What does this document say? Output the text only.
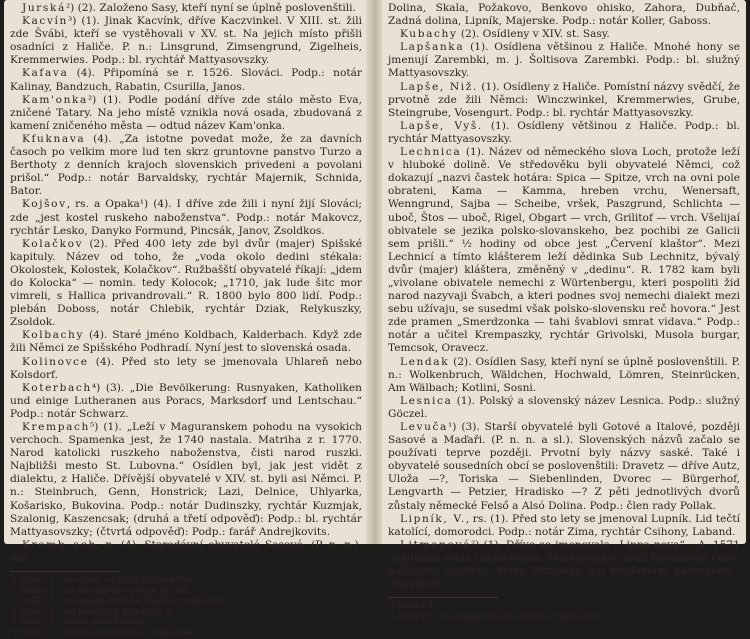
Jurská²) (2). Založeno Sasy, kteří nyní se úplně poslovenštili.

Kacvín³) (1). Jinak Kacvínk, dříve Kaczvinkel. V XIII. st. žili zde Švábi, kteří se vystěhovali v XV. st. Na jejich místo přišli osadníci z Haliče. P. n.: Linsgrund, Zimsengrund, Zigelheis, Kremmerwies. Podp.: bl. rychtář Mattyasovszky.

Kafava (4). Připomíná se r. 1526. Slováci. Podp.: notár Kalinay, Bandzuch, Rabatin, Csurilla, Janos.

Kam'onka²) (1). Podle podání dříve zde stálo město Eva, zničené Tatary. Na jeho místě vznikla nová osada, zbudovaná z kamení zničeného města — odtud název Kam'onka.

Kfuknava (4). „Za istotne povedat može, že za davních časoch po velkim more lud ten skrz gruntovne panstvo Turzo a Berthoty z denních krajoch slovenskich privedeni a povolani prišol.“ Podp.: notár Barvaldsky, rychtár Majernik, Schnida, Bator.

Kojšov, rs. a Opaka¹) (4). I dříve zde žili i nyní žijí Slováci; zde „jest kostel ruskeho naboženstva“. Podp.: notár Makovcz, rychtár Lesko, Danyko Formund, Pincsák, Janov, Zsoldkos.

Kolačkov (2). Před 400 lety zde byl dvůr (majer) Spišské kapituly. Název od toho, že „voda okolo dedini stékala: Okolostek, Kolostek, Kolačkov“. Ružbašští obyvatelé říkají: „jdem do Kolocka“ — nomin. tedy Kolocok; „1710, jak lude šitc mor vimreli, s Hallica privandrovali.“ R. 1800 bylo 800 lidí. Podp.: plebán Doboss, notár Chlebik, rychtár Dziak, Relykuszky, Zsoldok.

Kolbachy (4). Staré jméno Koldbach, Kalderbach. Když zde žili Němci ze Spišského Podhradí. Nyní jest to slovenská osada.

Kolinovce (4). Před sto lety se jmenovala Uhlareň nebo Kolsdorf.

Koterbach⁴) (3). „Die Bevölkerung: Rusnyaken, Katholiken und einige Lutheranen aus Poracs, Marksdorf und Lentschau.“ Podp.: notár Schwarz.

Krempach⁵) (1). „Leží v Maguranskem pohodu na vysokich verchoch. Spamenka jest, že 1740 nastala. Matriha z r. 1770. Narod katolicki ruszkeho naboženstva, čisti narod ruszki. Najbližši mesto St. Lubovna.“ Osídlen byl, jak jest vidět z dialektu, z Haliče. Dřívější obyvatelé v XIV. st. byli asi Němci. P. n.: Steinbruch, Genn, Honstrick; Lazi, Delnice, Uhlyarka, Košarisko, Bukovina. Podp.: notár Dudinszky, rychtár Kuzmjak, Szalonig, Kaszencsak; (druhá a třetí odpověď): Podp.: bl. rychtár Mattyasovszky; (čtvrtá odpověď): Podp.: farář Andrejkovits.

Kromb ach, n. (4). Starodávní obyvatelé Sasové. (P. n. n.), ale:

¹) Není v L.: na sever od obce Krížová Ves.

²) Není v L.: na jihozápad od obce Sv. Vis.

³) Není v L.: na západ od obce Oráňny; ruská obec.

⁴) Není v L.: na hranicích Abaújské st.

⁵) Není v L.: vedle obce Porače.

⁶) Není v L.: vedle obce Sulina; ruská obec.

Dolina, Skala, Požakovo, Benkovo ohisko, Zahora, Dubňač, Zadná dolina, Lipník, Majerske. Podp.: notár Koller, Gaboss.

Kubachy (2). Osídleny v XIV. st. Sasy.

Lapšanka (1). Osídlena většinou z Haliče. Mnohé hony se jmenují Zarembki, m. j. Šoltisova Zarembki. Podp.: bl. služný Mattyasovszky.

Lapše, Niž. (1). Osídleny z Haliče. Pomístní názvy svědčí, že prvotně zde žili Němci: Winczwinkel, Kremmerwies, Grube, Steingrube, Vosengurt. Podp.: bl. rychtár Mattyasovszky.

Lapše, Vyš. (1). Osídleny většinou z Haliče. Podp.: bl. rychtár Mattyasovszky.

Lechnica (1). Název od německého slova Loch, protože leží v hluboké dolině. Ve středověku byli obyvatelé Němci, což dokazují „nazvi častek hotára: Spica — Spitze, vrch na ovni pole obrateni, Kama — Kamma, hreben vrchu, Wenersaft, Wenngrund, Sajba — Scheibe, vršek, Paszgrund, Schlichta — uboč, Štos — uboč, Rigel, Obgart — vrch, Grilitof — vrch. Všelijaí obivatele se jezika polsko-slovanskeho, bez pochibi ze Galicii sem prišli.“ ½ hodiny od obce jest „Červení klaštor“. Mezi Lechnicí a tímto klášterem leží dědinka Sub Lechnitz, bývalý dvůr (majer) kláštera, změněný v „dedinu“. R. 1782 kam byli „vivolane obivatele nemechi z Würtenbergu, kteri pospoliti žid narod nazyvaji Švabch, a kteri podnes svoj nemechi dialekt mezi sebu užívaju, se susedmi však polsko-slovensku reč hovora.“ Jest zde pramen „Smerdzonka — tahi švablovi smrat vidava.“ Podp.: notár a učitel Krempaszky, rychtár Grivolski, Musola burgar, Temcsok, Oravecz.

Lendak (2). Osídlen Sasy, kteří nyní se úplně poslovenštili. P. n.: Wolkenbruch, Wäldchen, Hochwald, Lömren, Steinrücken, Am Wälbach; Kotlini, Sosni.

Lesnica (1). Polský a slovenský název Lesnica. Podp.: služný Göczel.

Levuča¹) (3). Starší obyvatelé byli Gotové a Italové, později Sasové a Maďaři. (P. n. n. a sl.). Slovenských názvů začalo se používati teprve později. Prvotní byly názvy saské. Také i obyvatelé sousedních obcí se poslovenštili: Dravetz — dříve Autz, Uloža —?, Toriska — Siebenlinden, Dvorec — Bürgerhof, Lengvarth — Petzier, Hradisko —? Z pěti jednotlivých dvorů zůstaly německé Felső a Alsó Dolina. Podp.: člen rady Pollak.

Lipník, V., rs. (1). Před sto lety se jmenoval Lupník. Lid tečtí katolící, domorodci. Podp.: notár Zima, rychtár Csihony, Laband.

Litmanová²) (1). Dříve se jmenovala „Lippa nova“. „A. 1571 capitanus arcis Lubloviensis, Matejovszky, dedit facultatem certo galliciano sculteto, Petro Viszlocky, qui fundaverat parochiam.“ Obyvatelé

¹) Není v L.

²) Není v L.: na západ od obce Sulina; ruská obec.
